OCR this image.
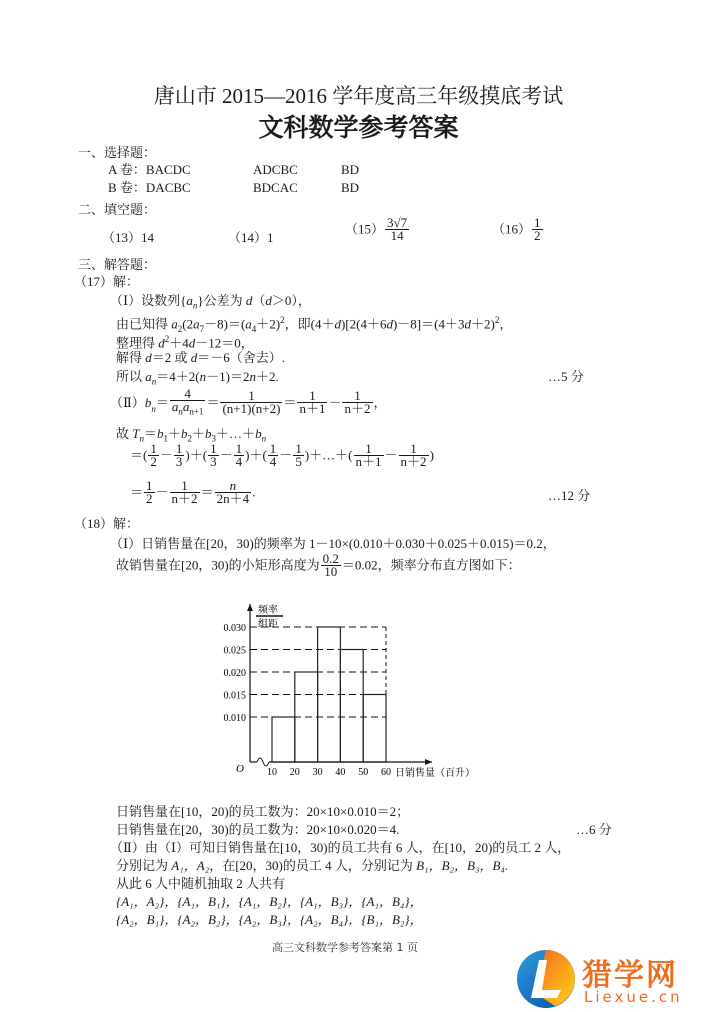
唐山市 2015—2016 学年度高三年级摸底考试
文科数学参考答案
一、选择题：
A 卷：BACDC	ADCBC	BD
B 卷：DACBC	BDCAC	BD
二、填空题：
（13）14	（14）1
$(15) \frac{3√7}{14}$	$(16) \frac{1}{2}$
三、解答题：
（17）解：
（Ⅰ）设数列$\{a_n\}$公差为 d（d＞0），
由已知得 $a_2(2a_7-8)=(a_4+2)^2$，即$(4+d)[2(4+6d)-8]=(4+3d+2)^2$，
整理得 $d^2+4d-12=0$，
解得 d＝2 或 d＝－6（舍去）.
所以 $a_n=4+2(n-1)=2n+2$.	…5 分
$(Ⅱ)b_n= \frac{4}{a_na_{n+1}} = \frac{1}{(n+1)(n+2)} = \frac{1}{n+1} - \frac{1}{n+2}$ ，
故 $T_n=b_1+b_2+b_3+\dots+b_n$
＝( $\frac{1}{2} - \frac{1}{3}$ )＋( $\frac{1}{3} - \frac{1}{4}$ )＋( $\frac{1}{4} - \frac{1}{5}$ )＋…＋( $\frac{1}{n+1} - \frac{1}{n+2}$ )
＝ $\frac{1}{2} - \frac{1}{n+2} = \frac{n}{2n+4}$ .	…12 分
（18）解：
（Ⅰ）日销售量在[20，30)的频率为 1－10×(0.010＋0.030＋0.025＋0.015)＝0.2，
故销售量在[20，30)的小矩形高度为 $\frac{0.2}{10} =0.02$，频率分布直方图如下：
0.010
0.015
0.020
0.025
0.030
10 20 30 40 50 60
频率
组距
O	日销售量（百升）
日销售量在[10，20)的员工数为：20×10×0.010＝2；
日销售量在[20，30)的员工数为：20×10×0.020＝4.	…6 分
（Ⅱ）由（Ⅰ）可知日销售量在[10，30)的员工共有 6 人，在[10，20)的员工 2 人，
分别记为 A₁，A₂，在[20，30)的员工 4 人，分别记为 B₁，B₂，B₃，B₄.
从此 6 人中随机抽取 2 人共有
{A₁，A₂}，{A₁，B₁}，{A₁，B₂}，{A₁，B₃}，{A₁，B₄}，
{A₂，B₁}，{A₂，B₂}，{A₂，B₃}，{A₂，B₄}，{B₁，B₂}，
高三文科数学参考答案第 1 页
猎学网
Liexue.cn
